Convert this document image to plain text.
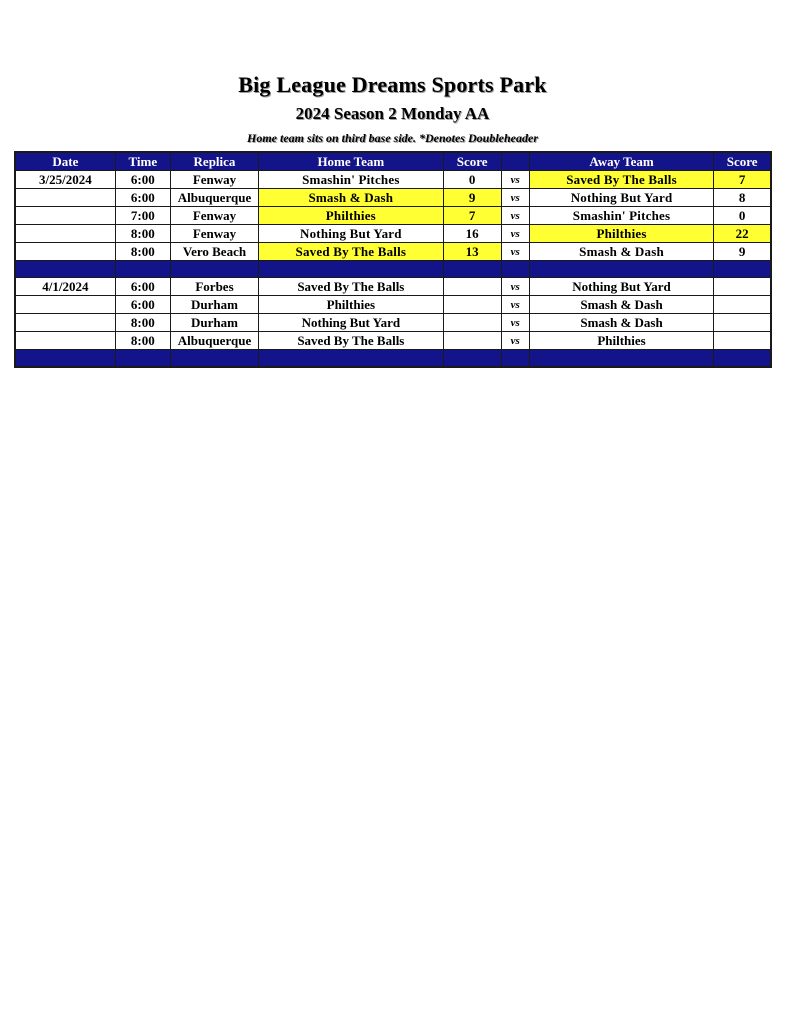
Big League Dreams Sports Park
2024 Season 2 Monday AA
Home team sits on third base side. *Denotes Doubleheader
Date	Time	Replica	Home Team	Score		Away Team	Score
3/25/2024	6:00	Fenway	Smashin' Pitches	0	vs	Saved By The Balls	7
	6:00	Albuquerque	Smash & Dash	9	vs	Nothing But Yard	8
	7:00	Fenway	Philthies	7	vs	Smashin' Pitches	0
	8:00	Fenway	Nothing But Yard	16	vs	Philthies	22
	8:00	Vero Beach	Saved By The Balls	13	vs	Smash & Dash	9

4/1/2024	6:00	Forbes	Saved By The Balls		vs	Nothing But Yard	
	6:00	Durham	Philthies		vs	Smash & Dash	
	8:00	Durham	Nothing But Yard		vs	Smash & Dash	
	8:00	Albuquerque	Saved By The Balls		vs	Philthies	
